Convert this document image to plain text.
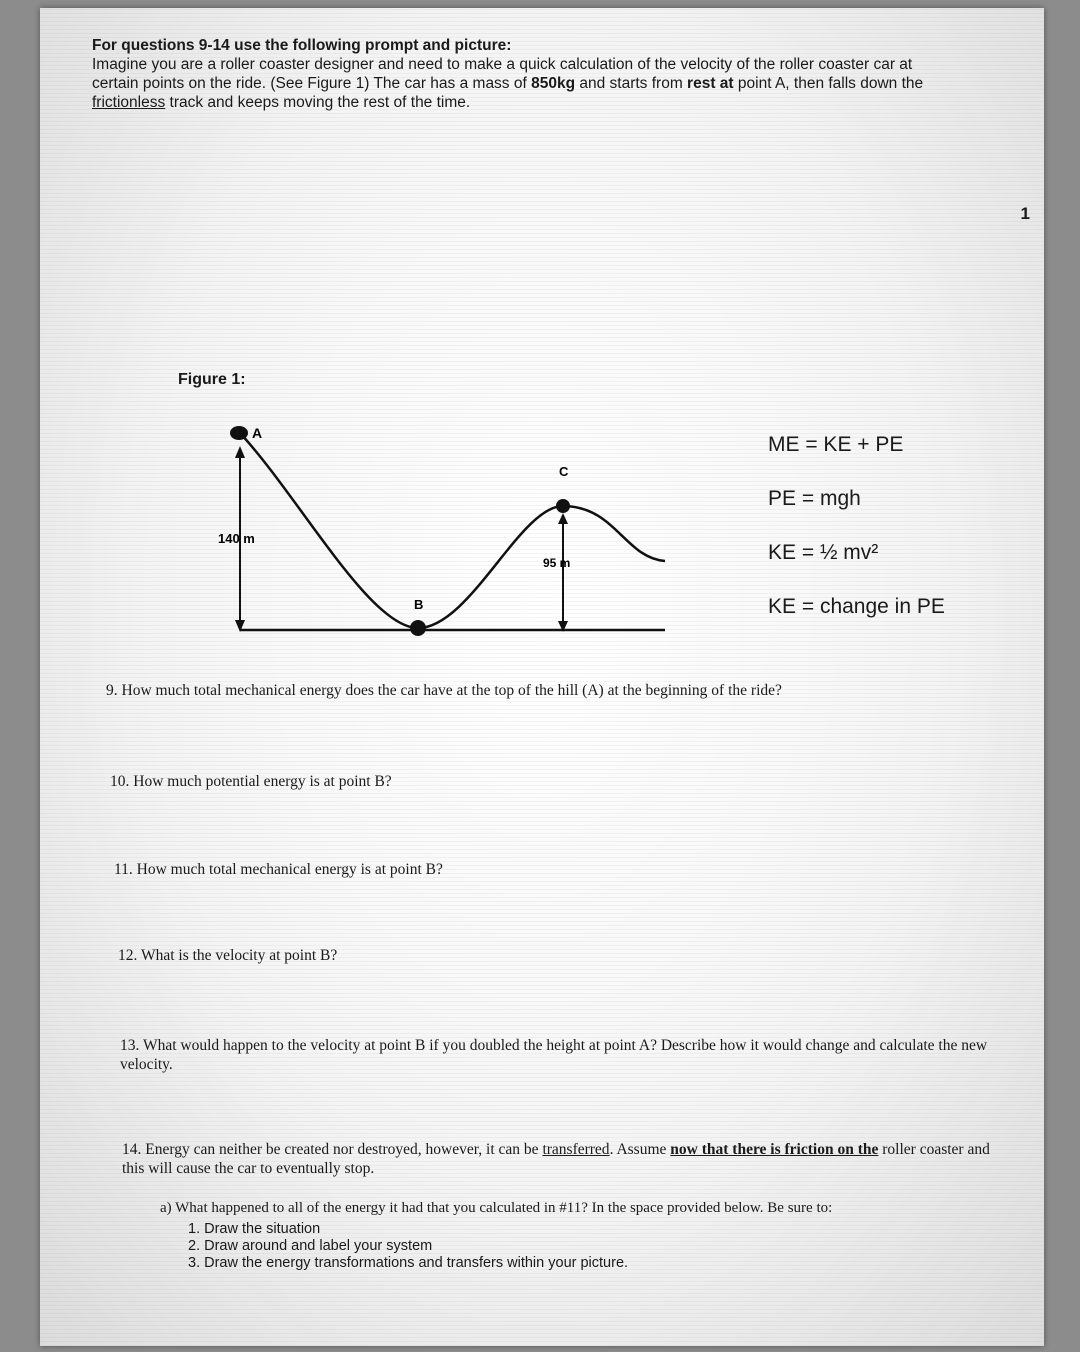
For questions 9-14 use the following prompt and picture:
Imagine you are a roller coaster designer and need to make a quick calculation of the velocity of the roller coaster car at
certain points on the ride. (See Figure 1) The car has a mass of 850kg and starts from rest at point A, then falls down the
frictionless track and keeps moving the rest of the time.
1
Figure 1:
A
140 m
B
C
95 m
ME = KE + PE
PE = mgh
KE = ½ mv²
KE = change in PE
9. How much total mechanical energy does the car have at the top of the hill (A) at the beginning of the ride?
10. How much potential energy is at point B?
11. How much total mechanical energy is at point B?
12. What is the velocity at point B?
13. What would happen to the velocity at point B if you doubled the height at point A? Describe how it would change and calculate the new velocity.
14. Energy can neither be created nor destroyed, however, it can be transferred. Assume now that there is friction on the roller coaster and this will cause the car to eventually stop.
a) What happened to all of the energy it had that you calculated in #11? In the space provided below. Be sure to:
1. Draw the situation
2. Draw around and label your system
3. Draw the energy transformations and transfers within your picture.
